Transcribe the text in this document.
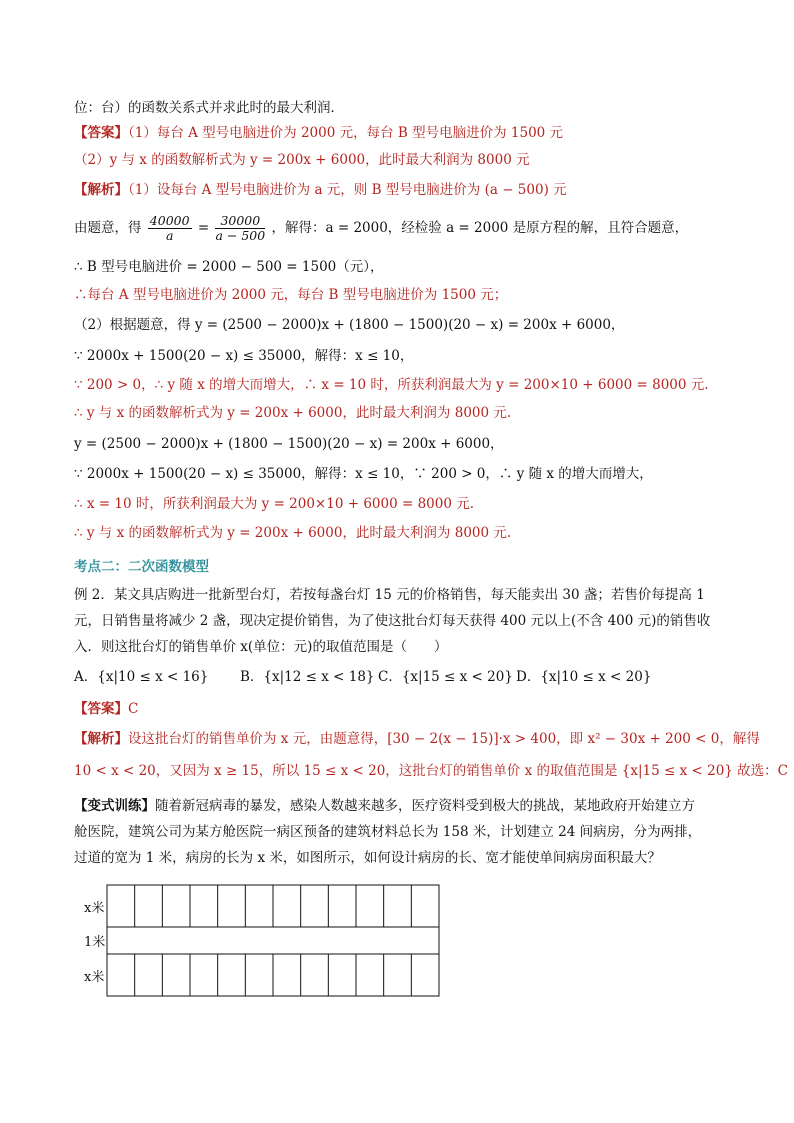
位：台）的函数关系式并求此时的最大利润．
【答案】（1）每台 A 型号电脑进价为 2000 元，每台 B 型号电脑进价为 1500 元
（2）y 与 x 的函数解析式为 y = 200x + 6000，此时最大利润为 8000 元
【解析】（1）设每台 A 型号电脑进价为 a 元，则 B 型号电脑进价为 (a − 500) 元
由题意，得 $\frac{40000}{a} = \frac{30000}{a - 500}$ ，解得：a = 2000，经检验 a = 2000 是原方程的解，且符合题意，
∴ B 型号电脑进价 = 2000 − 500 = 1500（元），
∴每台 A 型号电脑进价为 2000 元，每台 B 型号电脑进价为 1500 元；
（2）根据题意，得 y = (2500 − 2000)x + (1800 − 1500)(20 − x) = 200x + 6000，
∵ 2000x + 1500(20 − x) ≤ 35000，解得：x ≤ 10，
∵ 200 > 0，∴ y 随 x 的增大而增大，∴ x = 10 时，所获利润最大为 y = 200×10 + 6000 = 8000 元.
∴ y 与 x 的函数解析式为 y = 200x + 6000，此时最大利润为 8000 元.
y = (2500 − 2000)x + (1800 − 1500)(20 − x) = 200x + 6000，
∵ 2000x + 1500(20 − x) ≤ 35000，解得：x ≤ 10，∵ 200 > 0，∴ y 随 x 的增大而增大，
∴ x = 10 时，所获利润最大为 y = 200×10 + 6000 = 8000 元.
∴ y 与 x 的函数解析式为 y = 200x + 6000，此时最大利润为 8000 元.
考点二：二次函数模型
例 2．某文具店购进一批新型台灯，若按每盏台灯 15 元的价格销售，每天能卖出 30 盏；若售价每提高 1
元，日销售量将减少 2 盏，现决定提价销售，为了使这批台灯每天获得 400 元以上(不含 400 元)的销售收
入．则这批台灯的销售单价 x(单位：元)的取值范围是（　　）
A．{x|10 ≤ x < 16} B．{x|12 ≤ x < 18} C．{x|15 ≤ x < 20} D．{x|10 ≤ x < 20}
【答案】C
【解析】设这批台灯的销售单价为 x 元，由题意得，[30 − 2(x − 15)]·x > 400，即 x² − 30x + 200 < 0，解得
10 < x < 20，又因为 x ≥ 15，所以 15 ≤ x < 20，这批台灯的销售单价 x 的取值范围是 {x|15 ≤ x < 20} 故选：C
【变式训练】随着新冠病毒的暴发，感染人数越来越多，医疗资料受到极大的挑战，某地政府开始建立方
舱医院，建筑公司为某方舱医院一病区预备的建筑材料总长为 158 米，计划建立 24 间病房，分为两排，
过道的宽为 1 米，病房的长为 x 米，如图所示，如何设计病房的长、宽才能使单间病房面积最大？
x米
1米
x米
